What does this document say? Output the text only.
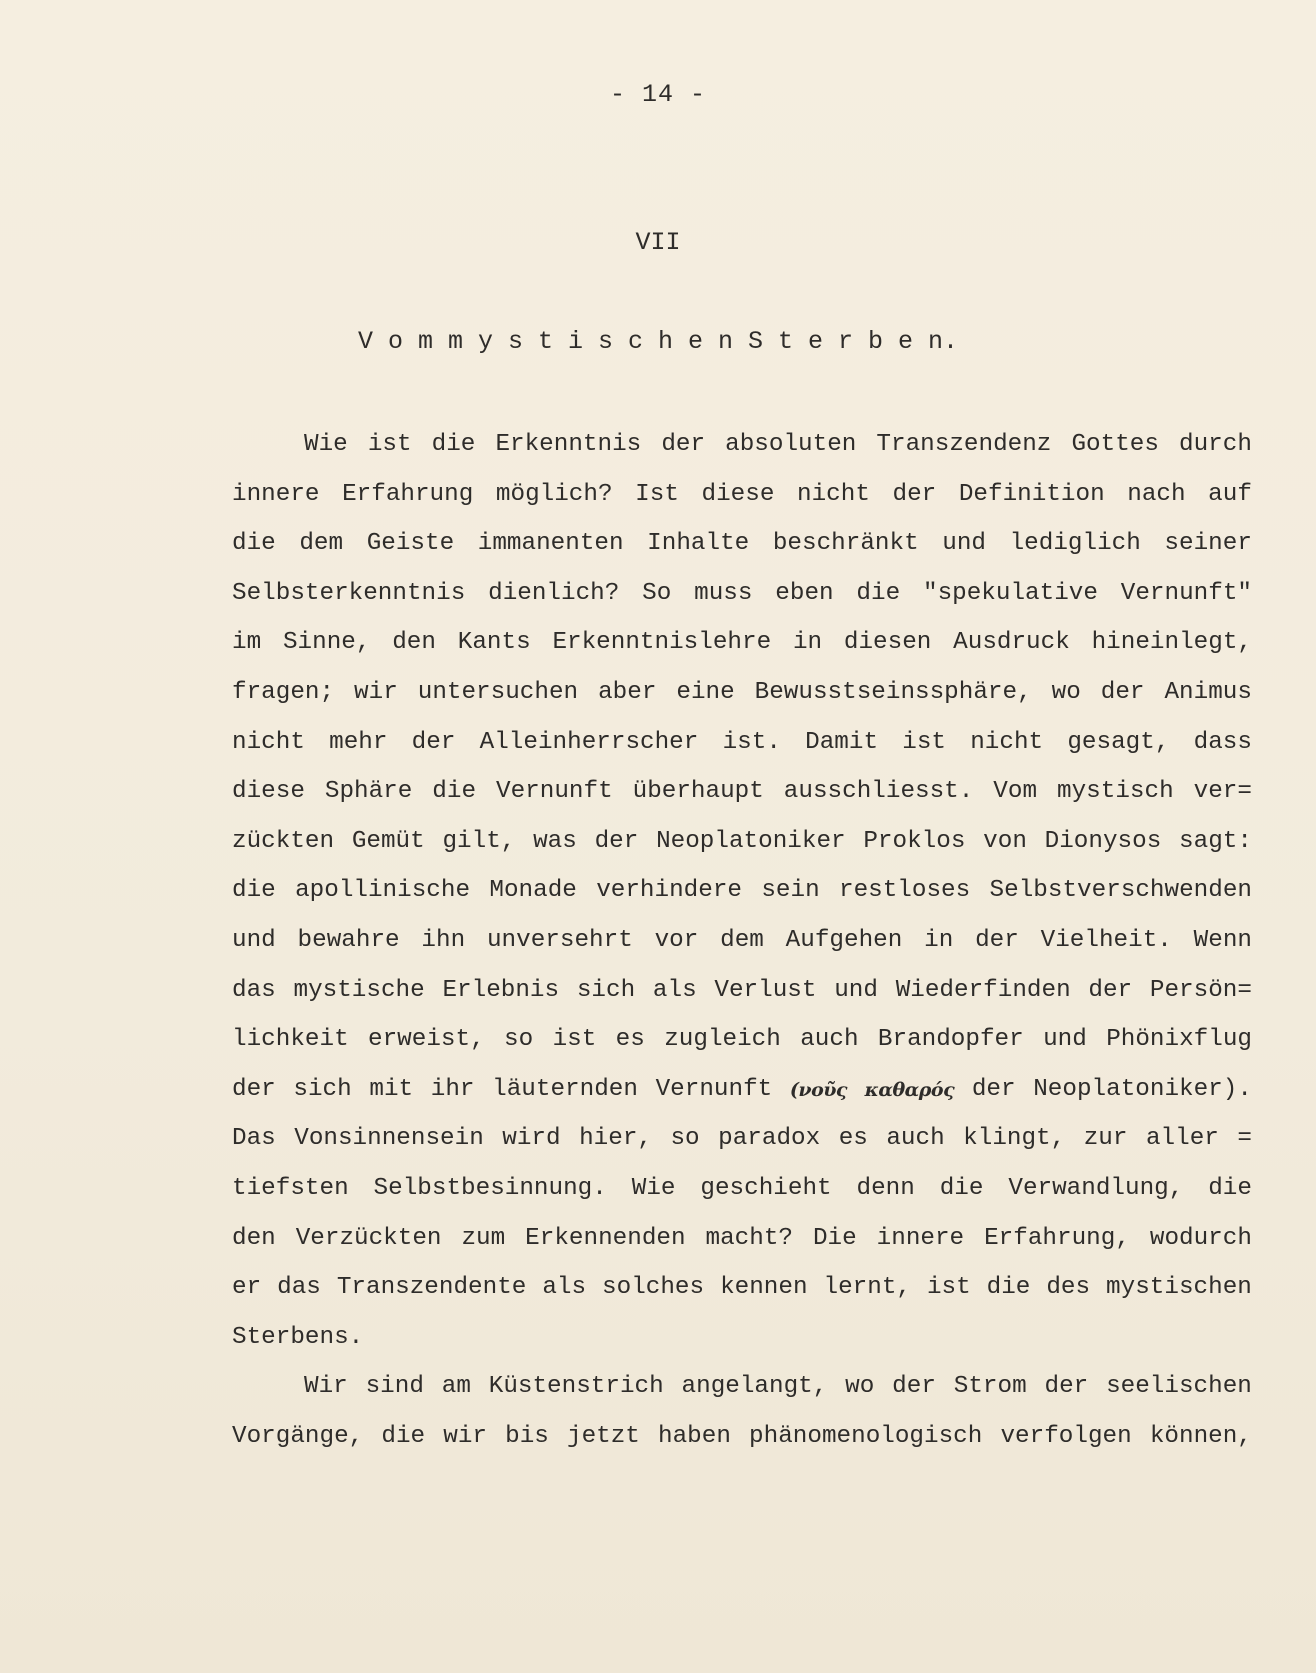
- 14 -
VII
V o m m y s t i s c h e n S t e r b e n.
Wie ist die Erkenntnis der absoluten Transzendenz Gottes durch
innere Erfahrung möglich? Ist diese nicht der Definition nach auf
die dem Geiste immanenten Inhalte beschränkt und lediglich seiner
Selbsterkenntnis dienlich? So muss eben die "spekulative Vernunft"
im Sinne, den Kants Erkenntnislehre in diesen Ausdruck hineinlegt,
fragen; wir untersuchen aber eine Bewusstseinssphäre, wo der Animus
nicht mehr der Alleinherrscher ist. Damit ist nicht gesagt, dass
diese Sphäre die Vernunft überhaupt ausschliesst. Vom mystisch ver=
zückten Gemüt gilt, was der Neoplatoniker Proklos von Dionysos sagt:
die apollinische Monade verhindere sein restloses Selbstverschwenden
und bewahre ihn unversehrt vor dem Aufgehen in der Vielheit. Wenn
das mystische Erlebnis sich als Verlust und Wiederfinden der Persön=
lichkeit erweist, so ist es zugleich auch Brandopfer und Phönixflug
der sich mit ihr läuternden Vernunft (νοῦς καθαρός der Neoplatoniker).
Das Vonsinnensein wird hier, so paradox es auch klingt, zur aller =
tiefsten Selbstbesinnung. Wie geschieht denn die Verwandlung, die
den Verzückten zum Erkennenden macht? Die innere Erfahrung, wodurch
er das Transzendente als solches kennen lernt, ist die des mystischen
Sterbens.
Wir sind am Küstenstrich angelangt, wo der Strom der seelischen
Vorgänge, die wir bis jetzt haben phänomenologisch verfolgen können,
